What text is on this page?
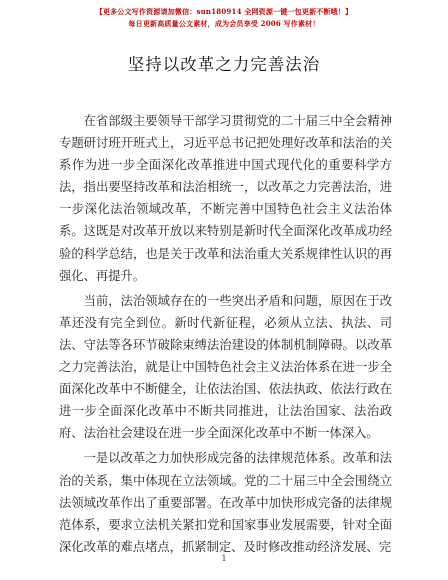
【更多公文写作资源请加微信：sun180914 全网资源一键一包更新不断哦！】
每日更新高质量公文素材，成为会员享受 2006 写作素材！
坚持以改革之力完善法治

在省部级主要领导干部学习贯彻党的二十届三中全会精神专题研讨班开班式上，习近平总书记把处理好改革和法治的关系作为进一步全面深化改革推进中国式现代化的重要科学方法，指出要坚持改革和法治相统一，以改革之力完善法治，进一步深化法治领域改革，不断完善中国特色社会主义法治体系。这既是对改革开放以来特别是新时代全面深化改革成功经验的科学总结，也是关于改革和法治重大关系规律性认识的再强化、再提升。

当前，法治领域存在的一些突出矛盾和问题，原因在于改革还没有完全到位。新时代新征程，必须从立法、执法、司法、守法等各环节破除束缚法治建设的体制机制障碍。以改革之力完善法治，就是让中国特色社会主义法治体系在进一步全面深化改革中不断健全，让依法治国、依法执政、依法行政在进一步全面深化改革中不断共同推进，让法治国家、法治政府、法治社会建设在进一步全面深化改革中不断一体深入。

一是以改革之力加快形成完备的法律规范体系。改革和法治的关系，集中体现在立法领域。党的二十届三中全会围绕立法领域改革作出了重要部署。在改革中加快形成完备的法律规范体系，要求立法机关紧扣党和国家事业发展需要，针对全面深化改革的难点堵点，抓紧制定、及时修改推动经济发展、完

1
